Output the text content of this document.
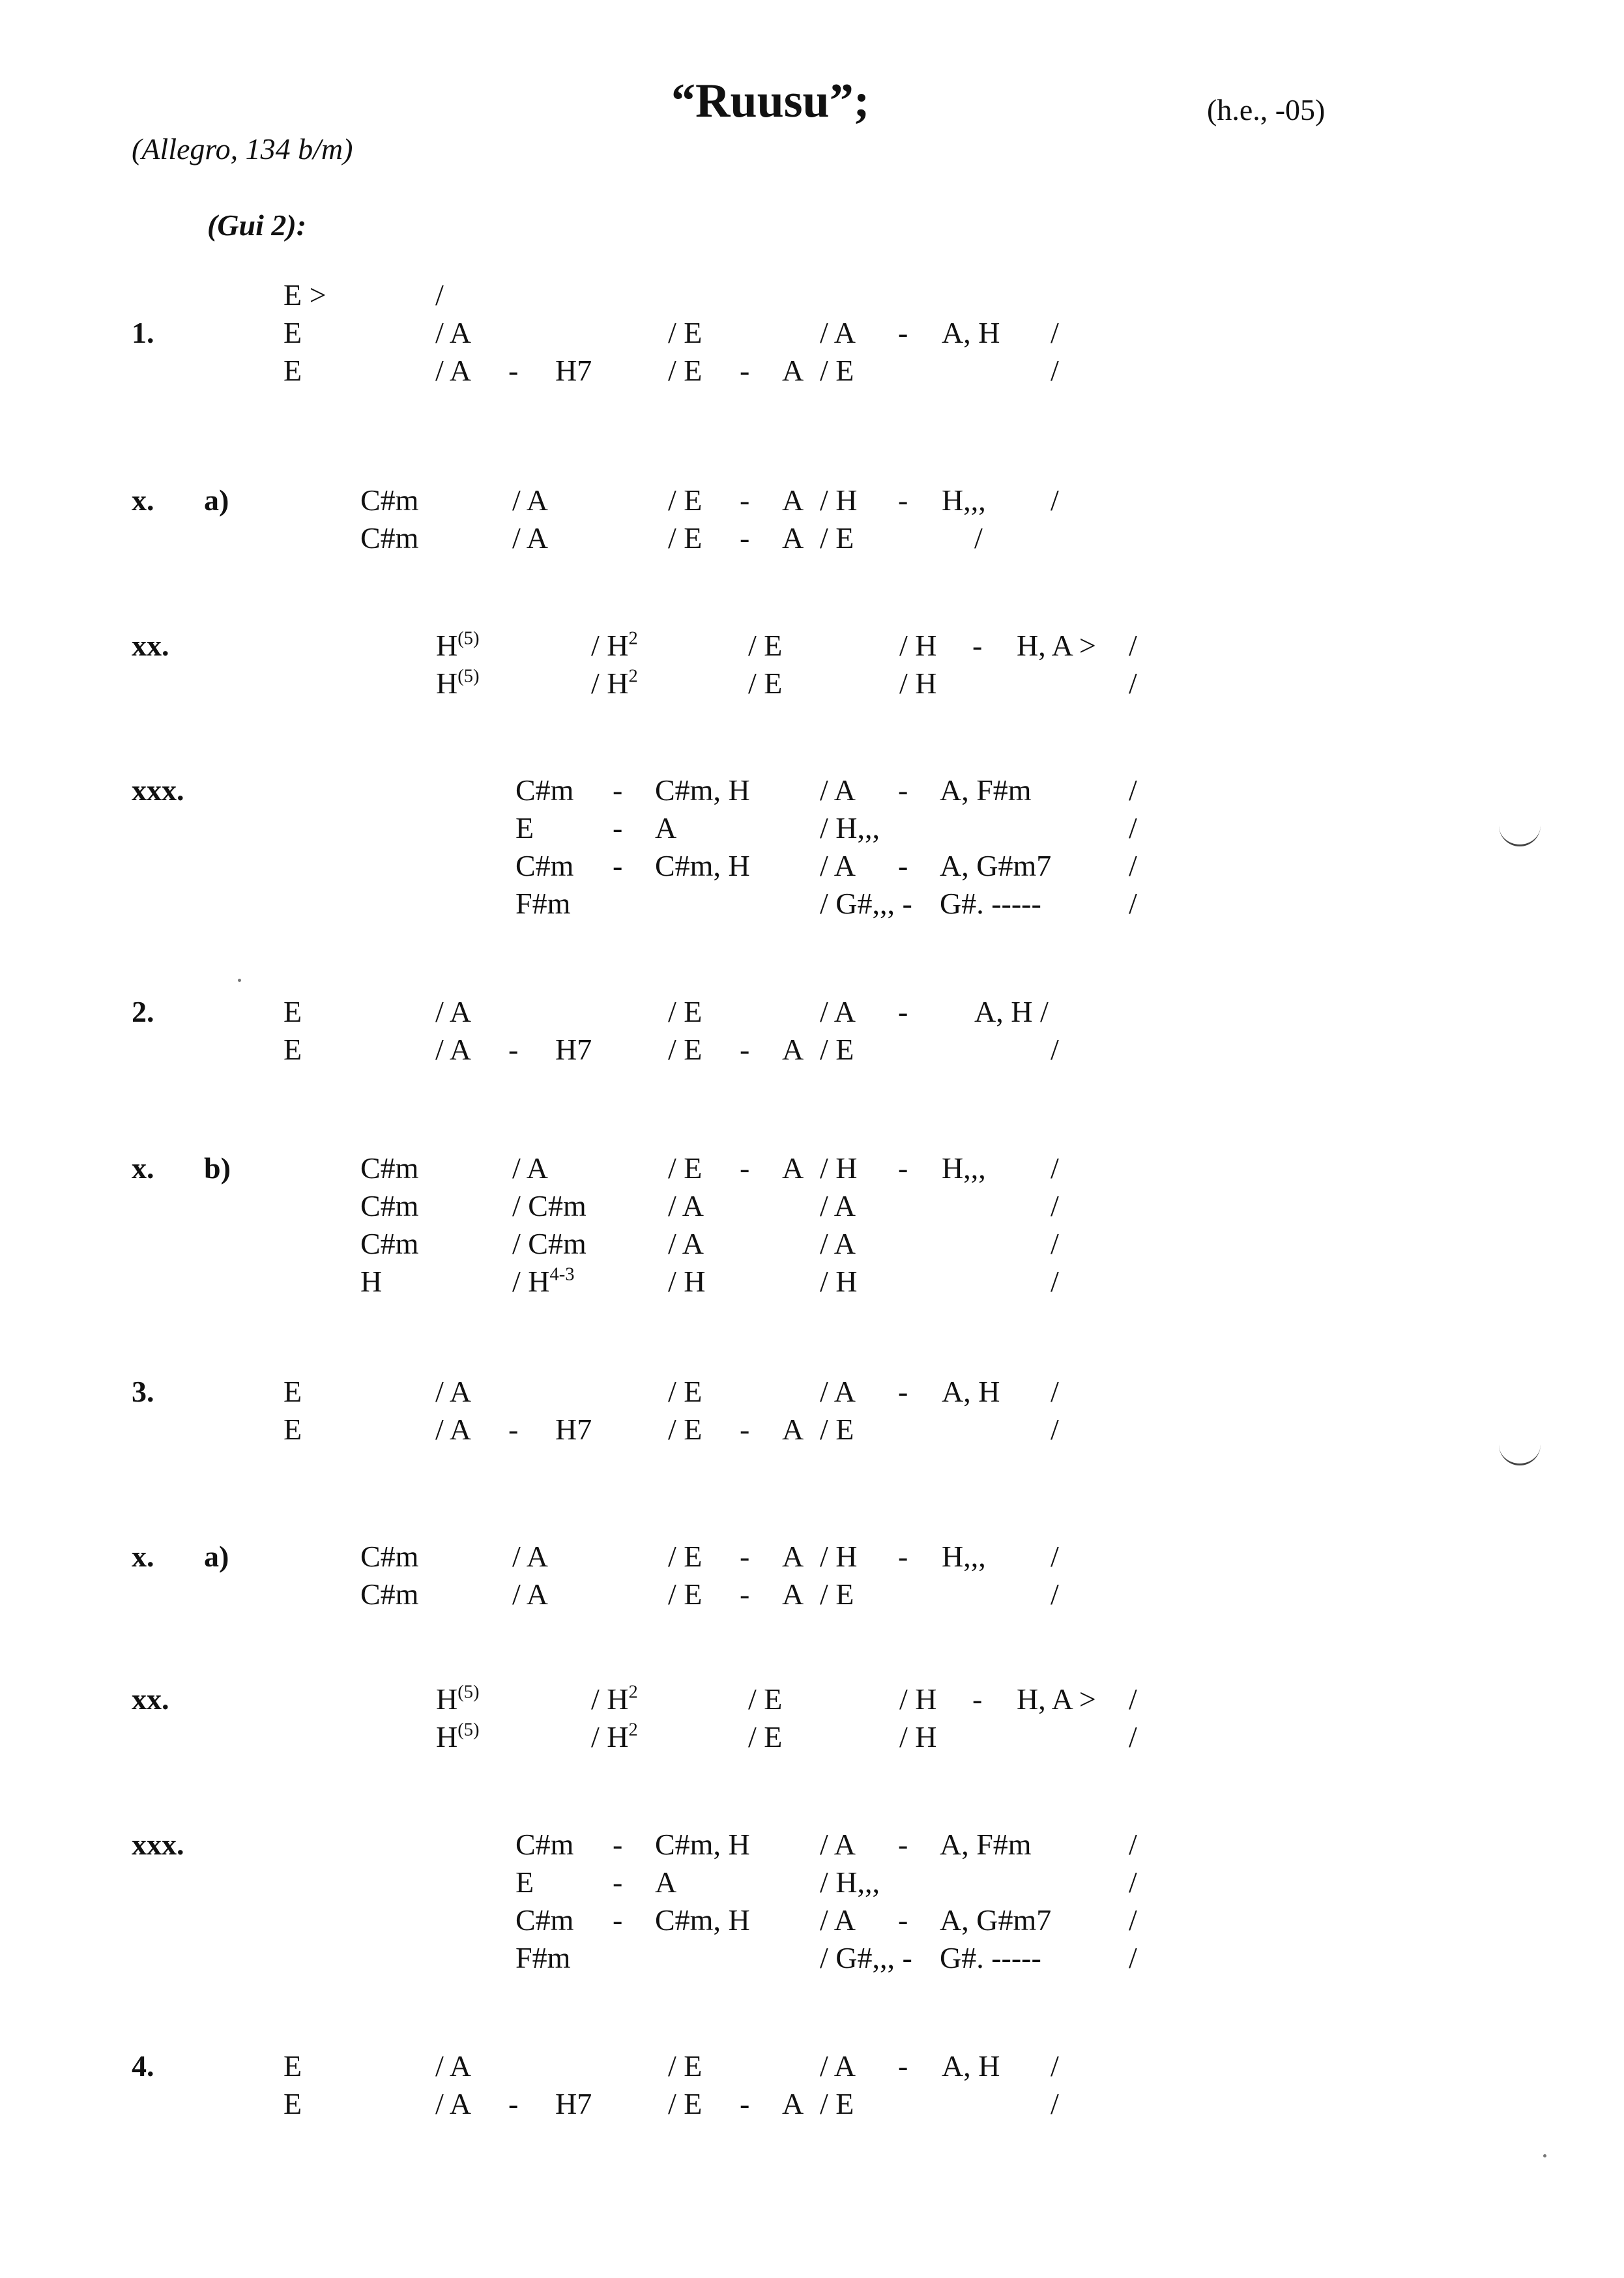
“Ruusu”;	(h.e., -05)
(Allegro, 134 b/m)
(Gui 2):
1.
E >	/
E	/ A	/ E	/ A - A, H /
E	/ A - H7	/ E - A / E	/
x. a)	C#m	/ A	/ E - A / H - H,,, /
C#m	/ A	/ E - A / E	/
xx.	$H^{(5)}$	/ $H^2$	/ E	/ H - H, A > /
$H^{(5)}$	/ $H^2$	/ E	/ H	/
xxx.	C#m - C#m, H / A - A, F#m	/
E	- A	/ H,,,	/
C#m - C#m, H / A - A, G#m7	/
F#m	/ G#,,, - G#. -----	/
2.	E	/ A	/ E	/ A - A, H /
E	/ A - H7	/ E - A / E	/
x. b)	C#m	/ A	/ E - A / H - H,,, /
C#m	/ C#m	/ A	/ A	/
C#m	/ C#m	/ A	/ A	/
H	/ $H^{4-3}$	/ H	/ H	/
3.	E	/ A	/ E	/ A - A, H /
E	/ A - H7	/ E - A / E	/
x. a)	C#m	/ A	/ E - A / H - H,,, /
C#m	/ A	/ E - A / E	/
xx.	$H^{(5)}$	/ $H^2$	/ E	/ H - H, A > /
$H^{(5)}$	/ $H^2$	/ E	/ H	/
xxx.	C#m - C#m, H / A - A, F#m	/
E	- A	/ H,,,	/
C#m - C#m, H / A - A, G#m7	/
F#m	/ G#,,, - G#. -----	/
4.	E	/ A	/ E	/ A - A, H /
E	/ A - H7	/ E - A / E	/
